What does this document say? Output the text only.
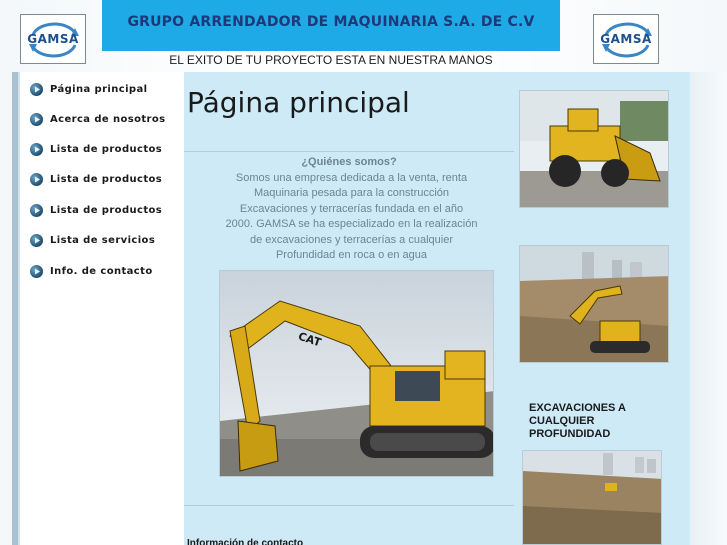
GAMSA
GRUPO ARRENDADOR DE MAQUINARIA S.A. DE C.V
GAMSA
EL EXITO DE TU PROYECTO ESTA EN NUESTRA MANOS
Página principal
Acerca de nosotros
Lista de productos
Lista de productos
Lista de productos
Lista de servicios
Info. de contacto
Página principal
¿Quiénes somos?
Somos una empresa dedicada a la venta, renta
Maquinaria pesada para la construcción
Excavaciones y terracerías fundada en el año
2000. GAMSA se ha especializado en la realización
de excavaciones y terracerías a cualquier
Profundidad en roca o en agua
CAT
EXCAVACIONES A
CUALQUIER
PROFUNDIDAD
Información de contacto
